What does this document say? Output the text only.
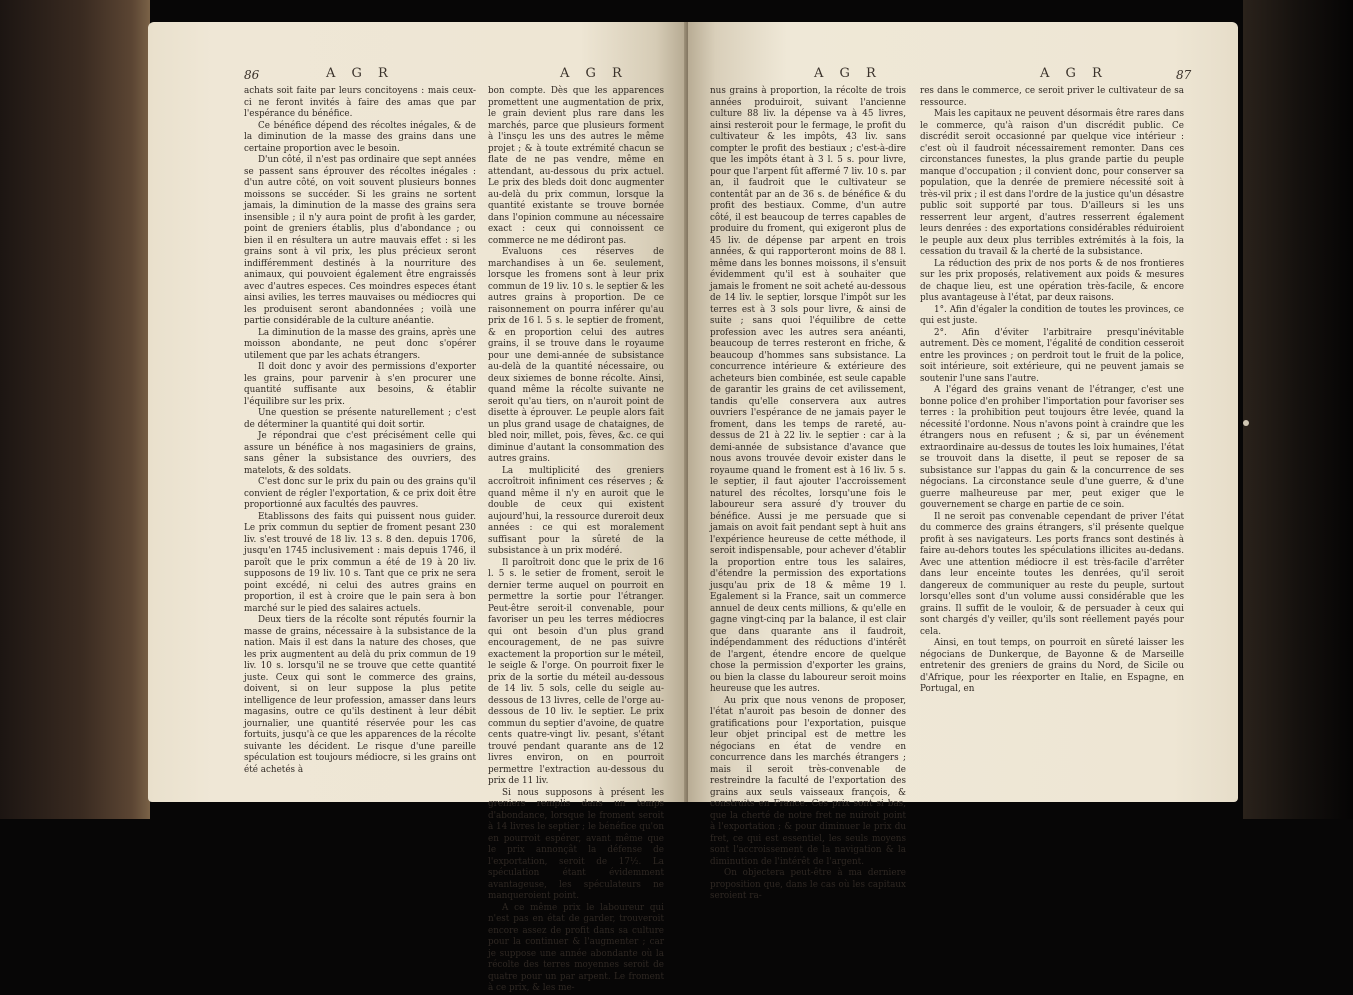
86	A G R	A G R

achats soit faite par leurs concitoyens : mais ceux-ci ne feront invités à faire des amas que par l'espérance du bénéfice.

Ce bénéfice dépend des récoltes inégales, & de la diminution de la masse des grains dans une certaine proportion avec le besoin.

D'un côté, il n'est pas ordinaire que sept années se passent sans éprouver des récoltes inégales : d'un autre côté, on voit souvent plusieurs bonnes moissons se succéder. Si les grains ne sortent jamais, la diminution de la masse des grains sera insensible ; il n'y aura point de profit à les garder, point de greniers établis, plus d'abondance ; ou bien il en résultera un autre mauvais effet : si les grains sont à vil prix, les plus précieux seront indifféremment destinés à la nourriture des animaux, qui pouvoient également être engraissés avec d'autres especes. Ces moindres especes étant ainsi avilies, les terres mauvaises ou médiocres qui les produisent seront abandonnées ; voilà une partie considérable de la culture anéantie.

La diminution de la masse des grains, après une moisson abondante, ne peut donc s'opérer utilement que par les achats étrangers.

Il doit donc y avoir des permissions d'exporter les grains, pour parvenir à s'en procurer une quantité suffisante aux besoins, & établir l'équilibre sur les prix.

Une question se présente naturellement ; c'est de déterminer la quantité qui doit sortir.

Je répondrai que c'est précisément celle qui assure un bénéfice à nos magasiniers de grains, sans gêner la subsistance des ouvriers, des matelots, & des soldats.

C'est donc sur le prix du pain ou des grains qu'il convient de régler l'exportation, & ce prix doit être proportionné aux facultés des pauvres.

Etablissons des faits qui puissent nous guider. Le prix commun du septier de froment pesant 230 liv. s'est trouvé de 18 liv. 13 s. 8 den. depuis 1706, jusqu'en 1745 inclusivement : mais depuis 1746, il paroît que le prix commun a été de 19 à 20 liv. supposons de 19 liv. 10 s. Tant que ce prix ne sera point excédé, ni celui des autres grains en proportion, il est à croire que le pain sera à bon marché sur le pied des salaires actuels.

Deux tiers de la récolte sont réputés fournir la masse de grains, nécessaire à la subsistance de la nation. Mais il est dans la nature des choses, que les prix augmentent au delà du prix commun de 19 liv. 10 s. lorsqu'il ne se trouve que cette quantité juste. Ceux qui sont le commerce des grains, doivent, si on leur suppose la plus petite intelligence de leur profession, amasser dans leurs magasins, outre ce qu'ils destinent à leur débit journalier, une quantité réservée pour les cas fortuits, jusqu'à ce que les apparences de la récolte suivante les décident. Le risque d'une pareille spéculation est toujours médiocre, si les grains ont été achetés à

bon compte. Dès que les apparences promettent une augmentation de prix, le grain devient plus rare dans les marchés, parce que plusieurs forment à l'insçu les uns des autres le même projet ; & à toute extrémité chacun se flate de ne pas vendre, même en attendant, au-dessous du prix actuel. Le prix des bleds doit donc augmenter au-delà du prix commun, lorsque la quantité existante se trouve bornée dans l'opinion commune au nécessaire exact : ceux qui connoissent ce commerce ne me dédiront pas.

Evaluons ces réserves de marchandises à un 6e. seulement, lorsque les fromens sont à leur prix commun de 19 liv. 10 s. le septier & les autres grains à proportion. De ce raisonnement on pourra inférer qu'au prix de 16 l. 5 s. le septier de froment, & en proportion celui des autres grains, il se trouve dans le royaume pour une demi-année de subsistance au-delà de la quantité nécessaire, ou deux sixiemes de bonne récolte. Ainsi, quand même la récolte suivante ne seroit qu'au tiers, on n'auroit point de disette à éprouver. Le peuple alors fait un plus grand usage de chataignes, de bled noir, millet, pois, fèves, &c. ce qui diminue d'autant la consommation des autres grains.

La multiplicité des greniers accroîtroit infiniment ces réserves ; & quand même il n'y en auroit que le double de ceux qui existent aujourd'hui, la ressource dureroit deux années : ce qui est moralement suffisant pour la sûreté de la subsistance à un prix modéré.

Il paroîtroit donc que le prix de 16 l. 5 s. le setier de froment, seroit le dernier terme auquel on pourroit en permettre la sortie pour l'étranger. Peut-être seroit-il convenable, pour favoriser un peu les terres médiocres qui ont besoin d'un plus grand encouragement, de ne pas suivre exactement la proportion sur le méteil, le seigle & l'orge. On pourroit fixer le prix de la sortie du méteil au-dessous de 14 liv. 5 sols, celle du seigle au-dessous de 13 livres, celle de l'orge au-dessous de 10 liv. le septier. Le prix commun du septier d'avoine, de quatre cents quatre-vingt liv. pesant, s'étant trouvé pendant quarante ans de 12 livres environ, on en pourroit permettre l'extraction au-dessous du prix de 11 liv.

Si nous supposons à présent les greniers remplis dans un temps d'abondance, lorsque le froment seroit à 14 livres le septier ; le bénéfice qu'on en pourroit espérer, avant même que le prix annonçât la défense de l'exportation, seroit de 17½. La spéculation étant évidemment avantageuse, les spéculateurs ne manqueroient point.

A ce même prix le laboureur qui n'est pas en état de garder, trouveroit encore assez de profit dans sa culture pour la continuer & l'augmenter ; car je suppose une année abondante où la récolte des terres moyennes seroit de quatre pour un par arpent. Le froment à ce prix, & les me-

A G R	A G R	87

nus grains à proportion, la récolte de trois années produiroit, suivant l'ancienne culture 88 liv. la dépense va à 45 livres, ainsi resteroit pour le fermage, le profit du cultivateur & les impôts, 43 liv. sans compter le profit des bestiaux ; c'est-à-dire que les impôts étant à 3 l. 5 s. pour livre, pour que l'arpent fût affermé 7 liv. 10 s. par an, il faudroit que le cultivateur se contentât par an de 36 s. de bénéfice & du profit des bestiaux. Comme, d'un autre côté, il est beaucoup de terres capables de produire du froment, qui exigeront plus de 45 liv. de dépense par arpent en trois années, & qui rapporteront moins de 88 l. même dans les bonnes moissons, il s'ensuit évidemment qu'il est à souhaiter que jamais le froment ne soit acheté au-dessous de 14 liv. le septier, lorsque l'impôt sur les terres est à 3 sols pour livre, & ainsi de suite ; sans quoi l'équilibre de cette profession avec les autres sera anéanti, beaucoup de terres resteront en friche, & beaucoup d'hommes sans subsistance. La concurrence intérieure & extérieure des acheteurs bien combinée, est seule capable de garantir les grains de cet avilissement, tandis qu'elle conservera aux autres ouvriers l'espérance de ne jamais payer le froment, dans les temps de rareté, au-dessus de 21 à 22 liv. le septier : car à la demi-année de subsistance d'avance que nous avons trouvée devoir exister dans le royaume quand le froment est à 16 liv. 5 s. le septier, il faut ajouter l'accroissement naturel des récoltes, lorsqu'une fois le laboureur sera assuré d'y trouver du bénéfice. Aussi je me persuade que si jamais on avoit fait pendant sept à huit ans l'expérience heureuse de cette méthode, il seroit indispensable, pour achever d'établir la proportion entre tous les salaires, d'étendre la permission des exportations jusqu'au prix de 18 & même 19 l. Egalement si la France, sait un commerce annuel de deux cents millions, & qu'elle en gagne vingt-cinq par la balance, il est clair que dans quarante ans il faudroit, indépendamment des réductions d'intérêt de l'argent, étendre encore de quelque chose la permission d'exporter les grains, ou bien la classe du laboureur seroit moins heureuse que les autres.

Au prix que nous venons de proposer, l'état n'auroit pas besoin de donner des gratifications pour l'exportation, puisque leur objet principal est de mettre les négocians en état de vendre en concurrence dans les marchés étrangers ; mais il seroit très-convenable de restreindre la faculté de l'exportation des grains aux seuls vaisseaux françois, & construits en France. Ces prix sont si bas, que la cherté de notre fret ne nuiroit point à l'exportation ; & pour diminuer le prix du fret, ce qui est essentiel, les seuls moyens sont l'accroissement de la navigation & la diminution de l'intérêt de l'argent.

On objectera peut-être à ma derniere proposition que, dans le cas où les capitaux seroient ra-

res dans le commerce, ce seroit priver le cultivateur de sa ressource.

Mais les capitaux ne peuvent désormais être rares dans le commerce, qu'à raison d'un discrédit public. Ce discrédit seroit occasionné par quelque vice intérieur : c'est où il faudroit nécessairement remonter. Dans ces circonstances funestes, la plus grande partie du peuple manque d'occupation ; il convient donc, pour conserver sa population, que la denrée de premiere nécessité soit à très-vil prix ; il est dans l'ordre de la justice qu'un désastre public soit supporté par tous. D'ailleurs si les uns resserrent leur argent, d'autres resserrent également leurs denrées : des exportations considérables réduiroient le peuple aux deux plus terribles extrémités à la fois, la cessation du travail & la cherté de la subsistance.

La réduction des prix de nos ports & de nos frontieres sur les prix proposés, relativement aux poids & mesures de chaque lieu, est une opération très-facile, & encore plus avantageuse à l'état, par deux raisons.

1°. Afin d'égaler la condition de toutes les provinces, ce qui est juste.

2°. Afin d'éviter l'arbitraire presqu'inévitable autrement. Dès ce moment, l'égalité de condition cesseroit entre les provinces ; on perdroit tout le fruit de la police, soit intérieure, soit extérieure, qui ne peuvent jamais se soutenir l'une sans l'autre.

A l'égard des grains venant de l'étranger, c'est une bonne police d'en prohiber l'importation pour favoriser ses terres : la prohibition peut toujours être levée, quand la nécessité l'ordonne. Nous n'avons point à craindre que les étrangers nous en refusent ; & si, par un événement extraordinaire au-dessus de toutes les loix humaines, l'état se trouvoit dans la disette, il peut se reposer de sa subsistance sur l'appas du gain & la concurrence de ses négocians. La circonstance seule d'une guerre, & d'une guerre malheureuse par mer, peut exiger que le gouvernement se charge en partie de ce soin.

Il ne seroit pas convenable cependant de priver l'état du commerce des grains étrangers, s'il présente quelque profit à ses navigateurs. Les ports francs sont destinés à faire au-dehors toutes les spéculations illicites au-dedans. Avec une attention médiocre il est très-facile d'arrêter dans leur enceinte toutes les denrées, qu'il seroit dangereux de communiquer au reste du peuple, surtout lorsqu'elles sont d'un volume aussi considérable que les grains. Il suffit de le vouloir, & de persuader à ceux qui sont chargés d'y veiller, qu'ils sont réellement payés pour cela.

Ainsi, en tout temps, on pourroit en sûreté laisser les négocians de Dunkerque, de Bayonne & de Marseille entretenir des greniers de grains du Nord, de Sicile ou d'Afrique, pour les réexporter en Italie, en Espagne, en Portugal, en
